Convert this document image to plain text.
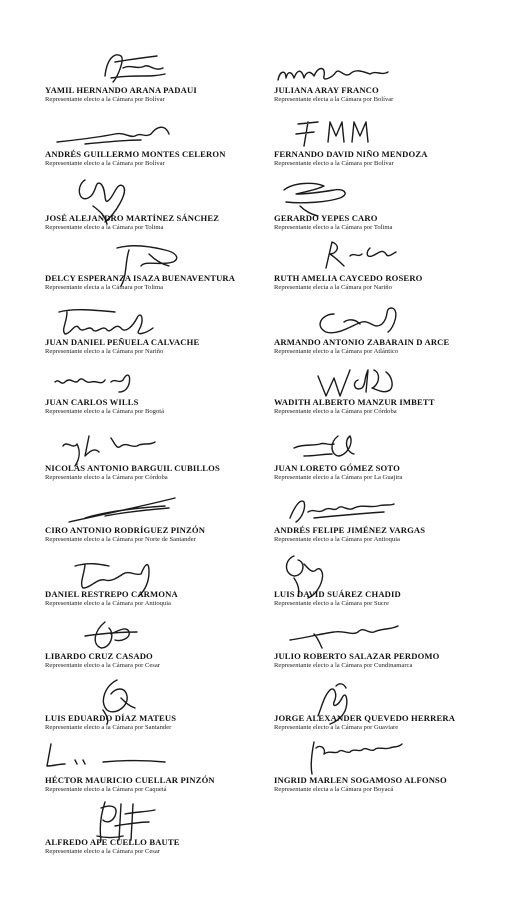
YAMIL HERNANDO ARANA PADAUI
Representante electo a la Cámara por Bolívar
JULIANA ARAY FRANCO
Representante electa a la Cámara por Bolívar
ANDRÉS GUILLERMO MONTES CELERON
Representante electo a la Cámara por Bolívar
FERNANDO DAVID NIÑO MENDOZA
Representante electo a la Cámara por Bolívar
JOSÉ ALEJANDRO MARTÍNEZ SÁNCHEZ
Representante electo a la Cámara por Tolima
GERARDO YEPES CARO
Representante electo a la Cámara por Tolima
DELCY ESPERANZA ISAZA BUENAVENTURA
Representante electa a la Cámara por Tolima
RUTH AMELIA CAYCEDO ROSERO
Representante electa a la Cámara por Nariño
JUAN DANIEL PEÑUELA CALVACHE
Representante electo a la Cámara por Nariño
ARMANDO ANTONIO ZABARAIN D ARCE
Representante electo a la Cámara por Atlántico
JUAN CARLOS WILLS
Representante electo a la Cámara por Bogotá
WADITH ALBERTO MANZUR IMBETT
Representante electo a la Cámara por Córdoba
NICOLÁS ANTONIO BARGUIL CUBILLOS
Representante electo a la Cámara por Córdoba
JUAN LORETO GÓMEZ SOTO
Representante electo a la Cámara por La Guajira
CIRO ANTONIO RODRÍGUEZ PINZÓN
Representante electo a la Cámara por Norte de Santander
ANDRÉS FELIPE JIMÉNEZ VARGAS
Representante electo a la Cámara por Antioquia
DANIEL RESTREPO CARMONA
Representante electo a la Cámara por Antioquia
LUIS DAVID SUÁREZ CHADID
Representante electo a la Cámara por Sucre
LIBARDO CRUZ CASADO
Representante electo a la Cámara por Cesar
JULIO ROBERTO SALAZAR PERDOMO
Representante electo a la Cámara por Cundinamarca
LUIS EDUARDO DÍAZ MATEUS
Representante electo a la Cámara por Santander
JORGE ALEXANDER QUEVEDO HERRERA
Representante electo a la Cámara por Guaviare
HÉCTOR MAURICIO CUELLAR PINZÓN
Representante electo a la Cámara por Caquetá
INGRID MARLEN SOGAMOSO ALFONSO
Representante electa a la Cámara por Boyacá
ALFREDO APE CUELLO BAUTE
Representante electo a la Cámara por Cesar
